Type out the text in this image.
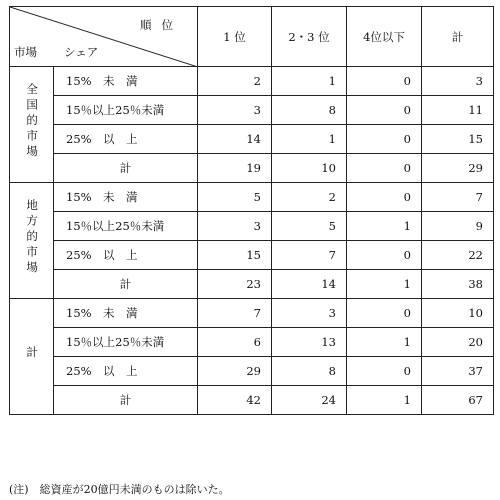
順位
市場 シェア		1 位	2・3 位	4位以下	計
全国的市場	15%　未　満	2	1	0	3
	15％以上25％未満	3	8	0	11
	25%　以　上	14	1	0	15
	計	19	10	0	29
地方的市場	15%　未　満	5	2	0	7
	15％以上25％未満	3	5	1	9
	25%　以　上	15	7	0	22
	計	23	14	1	38
計	15%　未　満	7	3	0	10
	15％以上25％未満	6	13	1	20
	25%　以　上	29	8	0	37
	計	42	24	1	67
(注)　総資産が20億円未満のものは除いた。
